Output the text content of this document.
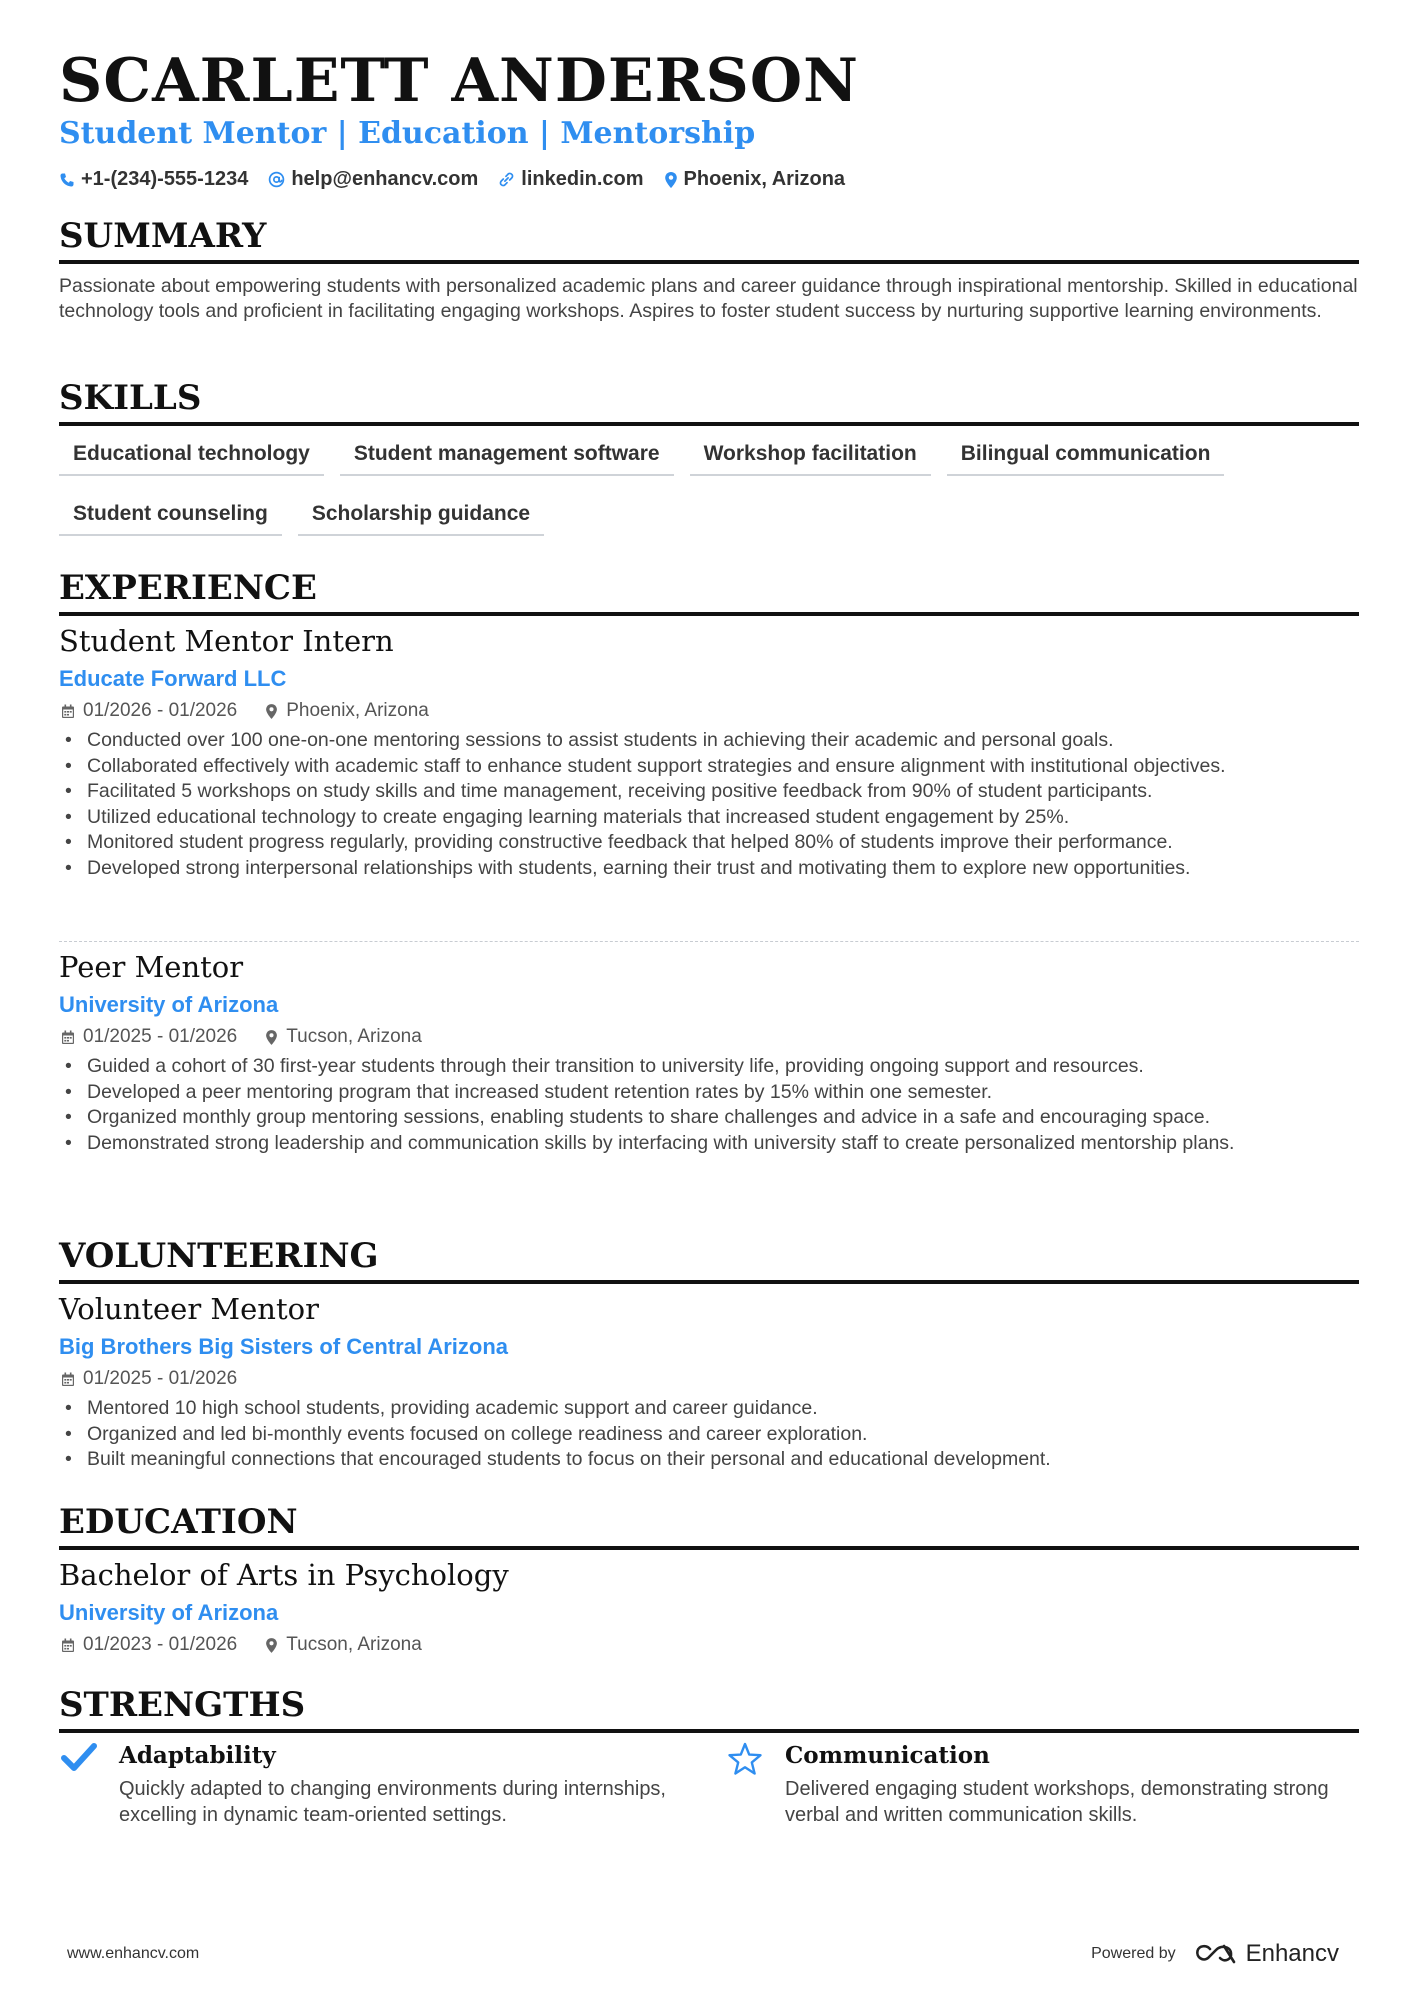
SCARLETT ANDERSON
Student Mentor | Education | Mentorship
+1-(234)-555-1234 help@enhancv.com linkedin.com Phoenix, Arizona
SUMMARY
Passionate about empowering students with personalized academic plans and career guidance through inspirational mentorship. Skilled in educational technology tools and proficient in facilitating engaging workshops. Aspires to foster student success by nurturing supportive learning environments.
SKILLS
Educational technology	Student management software	Workshop facilitation	Bilingual communication
Student counseling	Scholarship guidance
EXPERIENCE
Student Mentor Intern
Educate Forward LLC
01/2026 - 01/2026	Phoenix, Arizona
• Conducted over 100 one-on-one mentoring sessions to assist students in achieving their academic and personal goals.
• Collaborated effectively with academic staff to enhance student support strategies and ensure alignment with institutional objectives.
• Facilitated 5 workshops on study skills and time management, receiving positive feedback from 90% of student participants.
• Utilized educational technology to create engaging learning materials that increased student engagement by 25%.
• Monitored student progress regularly, providing constructive feedback that helped 80% of students improve their performance.
• Developed strong interpersonal relationships with students, earning their trust and motivating them to explore new opportunities.
Peer Mentor
University of Arizona
01/2025 - 01/2026	Tucson, Arizona
• Guided a cohort of 30 first-year students through their transition to university life, providing ongoing support and resources.
• Developed a peer mentoring program that increased student retention rates by 15% within one semester.
• Organized monthly group mentoring sessions, enabling students to share challenges and advice in a safe and encouraging space.
• Demonstrated strong leadership and communication skills by interfacing with university staff to create personalized mentorship plans.
VOLUNTEERING
Volunteer Mentor
Big Brothers Big Sisters of Central Arizona
01/2025 - 01/2026
• Mentored 10 high school students, providing academic support and career guidance.
• Organized and led bi-monthly events focused on college readiness and career exploration.
• Built meaningful connections that encouraged students to focus on their personal and educational development.
EDUCATION
Bachelor of Arts in Psychology
University of Arizona
01/2023 - 01/2026	Tucson, Arizona
STRENGTHS
Adaptability
Quickly adapted to changing environments during internships, excelling in dynamic team-oriented settings.
Communication
Delivered engaging student workshops, demonstrating strong verbal and written communication skills.
www.enhancv.com	Powered by	Enhancv
